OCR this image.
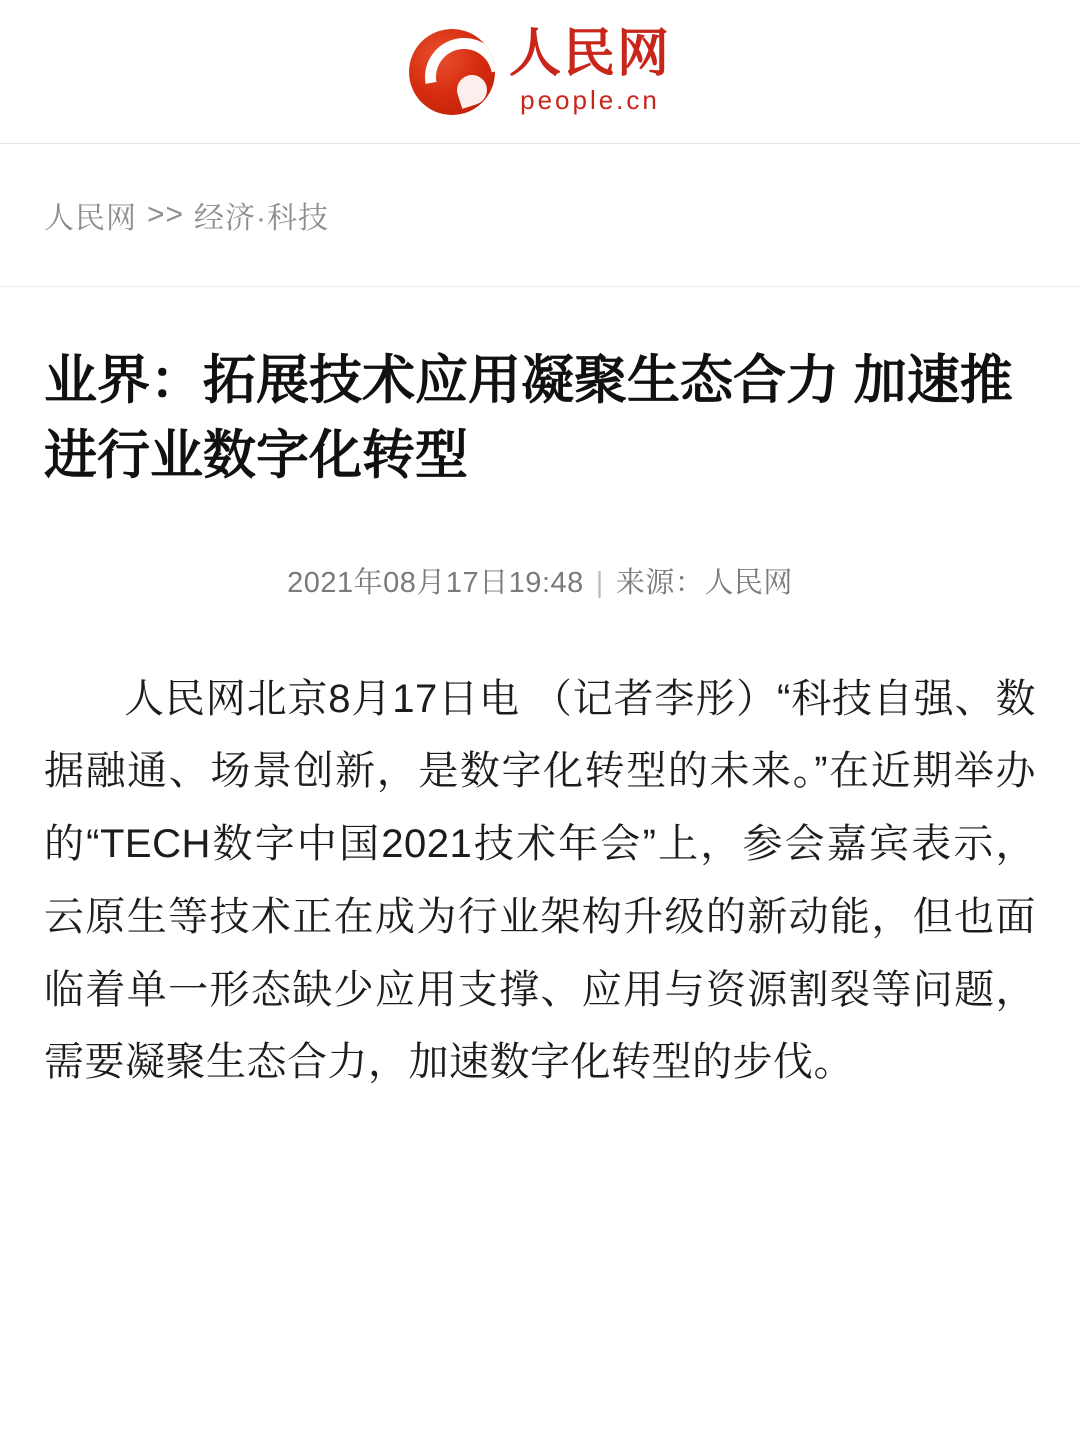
人民网
people.cn
人民网 >> 经济·科技
业界：拓展技术应用凝聚生态合力 加速推进行业数字化转型
2021年08月17日19:48 | 来源：人民网

人民网北京8月17日电 （记者李彤）“科技自强、数据融通、场景创新，是数字化转型的未来。”在近期举办的“TECH数字中国2021技术年会”上，参会嘉宾表示，云原生等技术正在成为行业架构升级的新动能，但也面临着单一形态缺少应用支撑、应用与资源割裂等问题，需要凝聚生态合力，加速数字化转型的步伐。
